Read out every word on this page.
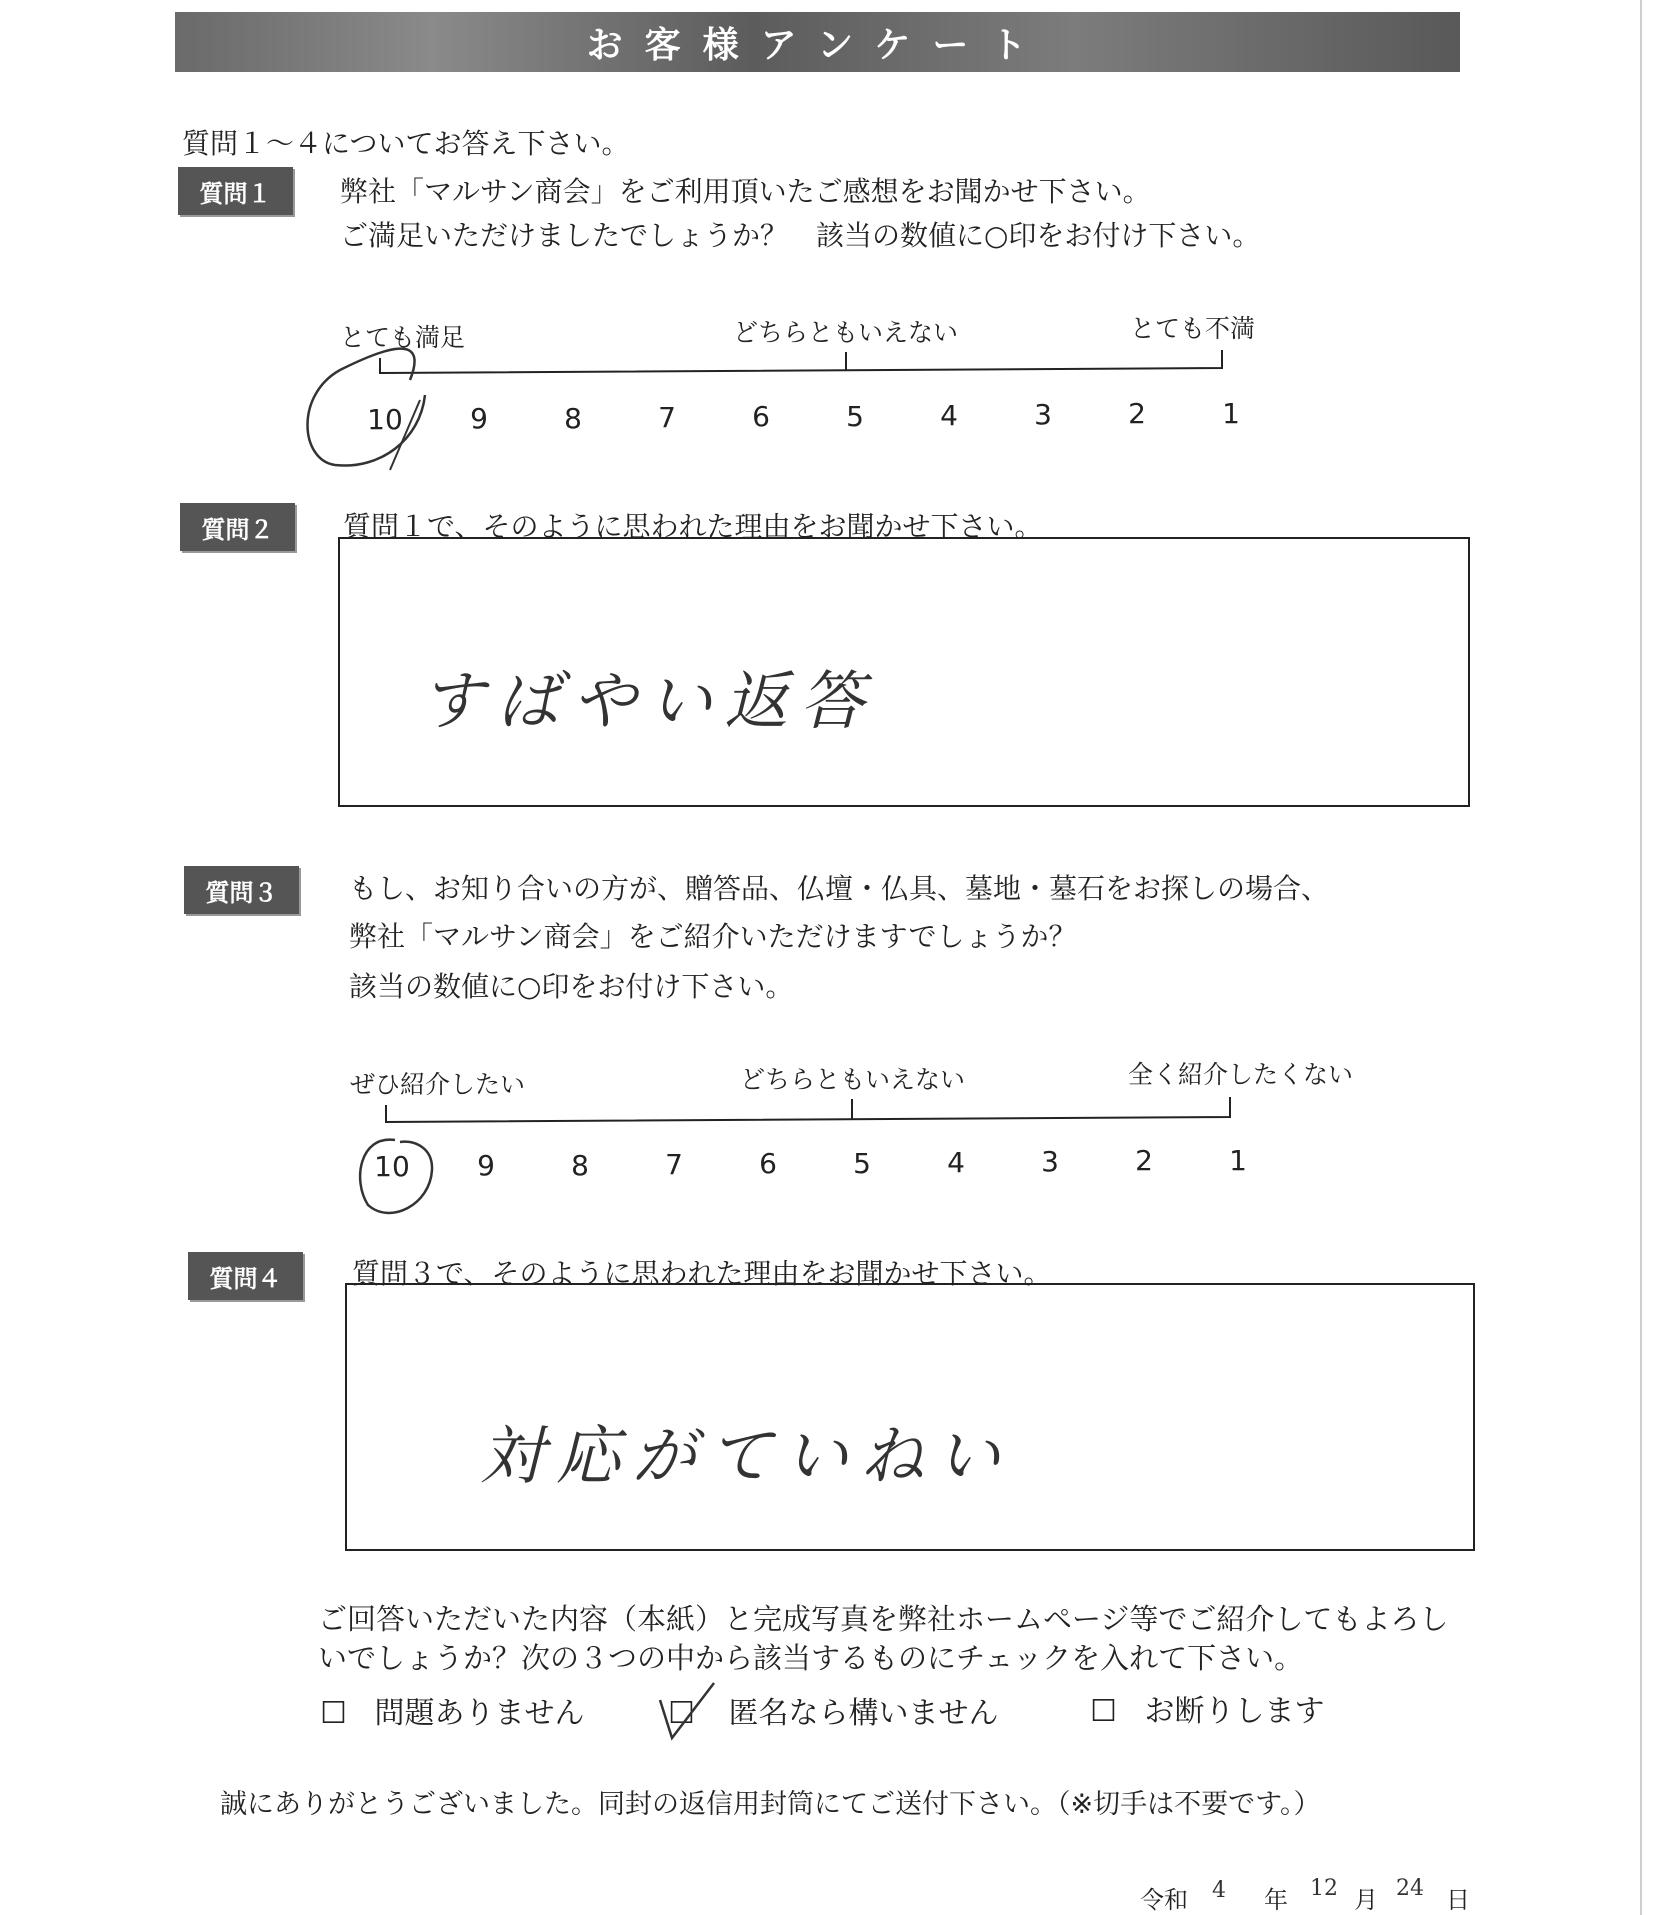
お客様アンケート
質問１～４についてお答え下さい。
質問１	弊社「マルサン商会」をご利用頂いたご感想をお聞かせ下さい。
ご満足いただけましたでしょうか？　該当の数値に○印をお付け下さい。
とても満足	どちらともいえない	とても不満
10	9	8	7	6	5	4	3	2	1
質問２	質問１で、そのように思われた理由をお聞かせ下さい。
すばやい返答
質問３	もし、お知り合いの方が、贈答品、仏壇・仏具、墓地・墓石をお探しの場合、
弊社「マルサン商会」をご紹介いただけますでしょうか？
該当の数値に○印をお付け下さい。
ぜひ紹介したい	どちらともいえない	全く紹介したくない
10	9	8	7	6	5	4	3	2	1
質問４	質問３で、そのように思われた理由をお聞かせ下さい。
対応がていねい
ご回答いただいた内容（本紙）と完成写真を弊社ホームページ等でご紹介してもよろし
いでしょうか？次の３つの中から該当するものにチェックを入れて下さい。
☐ 問題ありません	☐ 匿名なら構いません	☐ お断りします
誠にありがとうございました。同封の返信用封筒にてご送付下さい。（※切手は不要です。）
令和 4 年 12 月 24 日
